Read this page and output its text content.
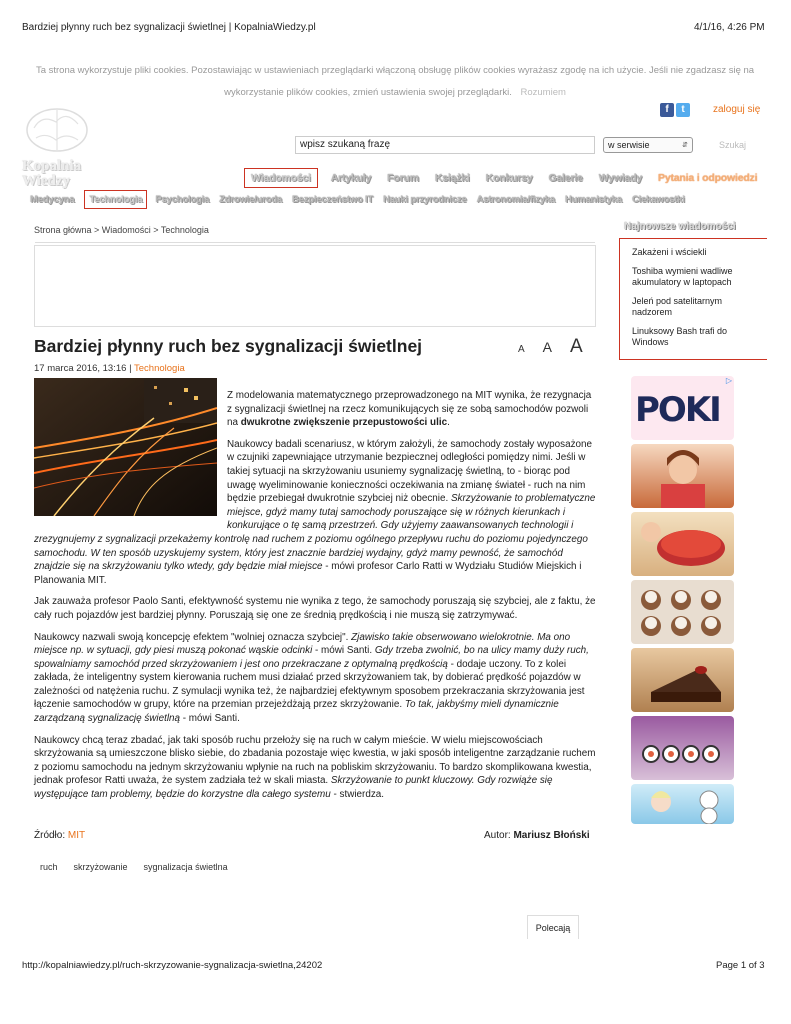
Bardziej płynny ruch bez sygnalizacji świetlnej | KopalniaWiedzy.pl	4/1/16, 4:26 PM
Ta strona wykorzystuje pliki cookies. Pozostawiając w ustawieniach przeglądarki włączoną obsługę plików cookies wyrażasz zgodę na ich użycie. Jeśli nie zgadzasz się na wykorzystanie plików cookies, zmień ustawienia swojej przeglądarki. Rozumiem
Kopalnia
Wiedzy
f	t	zaloguj się
wpisz szukaną frazę	w serwisie	⇵	Szukaj
Wiadomości	Artykuły Forum Książki Konkursy Galerie Wywiady Pytania i odpowiedzi
Medycyna	Technologia	Psychologia Zdrowie/uroda Bezpieczeństwo IT Nauki przyrodnicze Astronomia/fizyka Humanistyka Ciekawostki
Strona główna > Wiadomości > Technologia
Bardziej płynny ruch bez sygnalizacji świetlnej	A A A
17 marca 2016, 13:16 | Technologia

Z modelowania matematycznego przeprowadzonego na MIT wynika, że rezygnacja z sygnalizacji świetlnej na rzecz komunikujących się ze sobą samochodów pozwoli na dwukrotne zwiększenie przepustowości ulic.

Naukowcy badali scenariusz, w którym założyli, że samochody zostały wyposażone w czujniki zapewniające utrzymanie bezpiecznej odległości pomiędzy nimi. Jeśli w takiej sytuacji na skrzyżowaniu usuniemy sygnalizację świetlną, to - biorąc pod uwagę wyeliminowanie konieczności oczekiwania na zmianę świateł - ruch na nim będzie przebiegał dwukrotnie szybciej niż obecnie. Skrzyżowanie to problematyczne miejsce, gdyż mamy tutaj samochody poruszające się w różnych kierunkach i konkurujące o tę samą przestrzeń. Gdy użyjemy zaawansowanych technologii i zrezygnujemy z sygnalizacji przekażemy kontrolę nad ruchem z poziomu ogólnego przepływu ruchu do poziomu pojedynczego samochodu. W ten sposób uzyskujemy system, który jest znacznie bardziej wydajny, gdyż mamy pewność, że samochód znajdzie się na skrzyżowaniu tylko wtedy, gdy będzie miał miejsce - mówi profesor Carlo Ratti w Wydziału Studiów Miejskich i Planowania MIT.

Jak zauważa profesor Paolo Santi, efektywność systemu nie wynika z tego, że samochody poruszają się szybciej, ale z faktu, że cały ruch pojazdów jest bardziej płynny. Poruszają się one ze średnią prędkością i nie muszą się zatrzymywać.

Naukowcy nazwali swoją koncepcję efektem "wolniej oznacza szybciej". Zjawisko takie obserwowano wielokrotnie. Ma ono miejsce np. w sytuacji, gdy piesi muszą pokonać wąskie odcinki - mówi Santi. Gdy trzeba zwolnić, bo na ulicy mamy duży ruch, spowalniamy samochód przed skrzyżowaniem i jest ono przekraczane z optymalną prędkością - dodaje uczony. To z kolei zakłada, że inteligentny system kierowania ruchem musi działać przed skrzyżowaniem tak, by dobierać prędkość pojazdów w zależności od natężenia ruchu. Z symulacji wynika też, że najbardziej efektywnym sposobem przekraczania skrzyżowania jest łączenie samochodów w grupy, które na przemian przejeżdżają przez skrzyżowanie. To tak, jakbyśmy mieli dynamicznie zarządzaną sygnalizację świetlną - mówi Santi.

Naukowcy chcą teraz zbadać, jak taki sposób ruchu przełoży się na ruch w całym mieście. W wielu miejscowościach skrzyżowania są umieszczone blisko siebie, do zbadania pozostaje więc kwestia, w jaki sposób inteligentne zarządzanie ruchem z poziomu samochodu na jednym skrzyżowaniu wpłynie na ruch na pobliskim skrzyżowaniu. To bardzo skomplikowana kwestia, jednak profesor Ratti uważa, że system zadziała też w skali miasta. Skrzyżowanie to punkt kluczowy. Gdy rozwiąże się występujące tam problemy, będzie do korzystne dla całego systemu - stwierdza.

Źródło: MIT	Autor: Mariusz Błoński
ruch skrzyżowanie sygnalizacja świetlna
Polecają
Najnowsze wiadomości
Zakażeni i wściekli
Toshiba wymieni wadliwe akumulatory w laptopach
Jeleń pod satelitarnym nadzorem
Linuksowy Bash trafi do Windows
POKI
▷
http://kopalniawiedzy.pl/ruch-skrzyzowanie-sygnalizacja-swietlna,24202	Page 1 of 3
